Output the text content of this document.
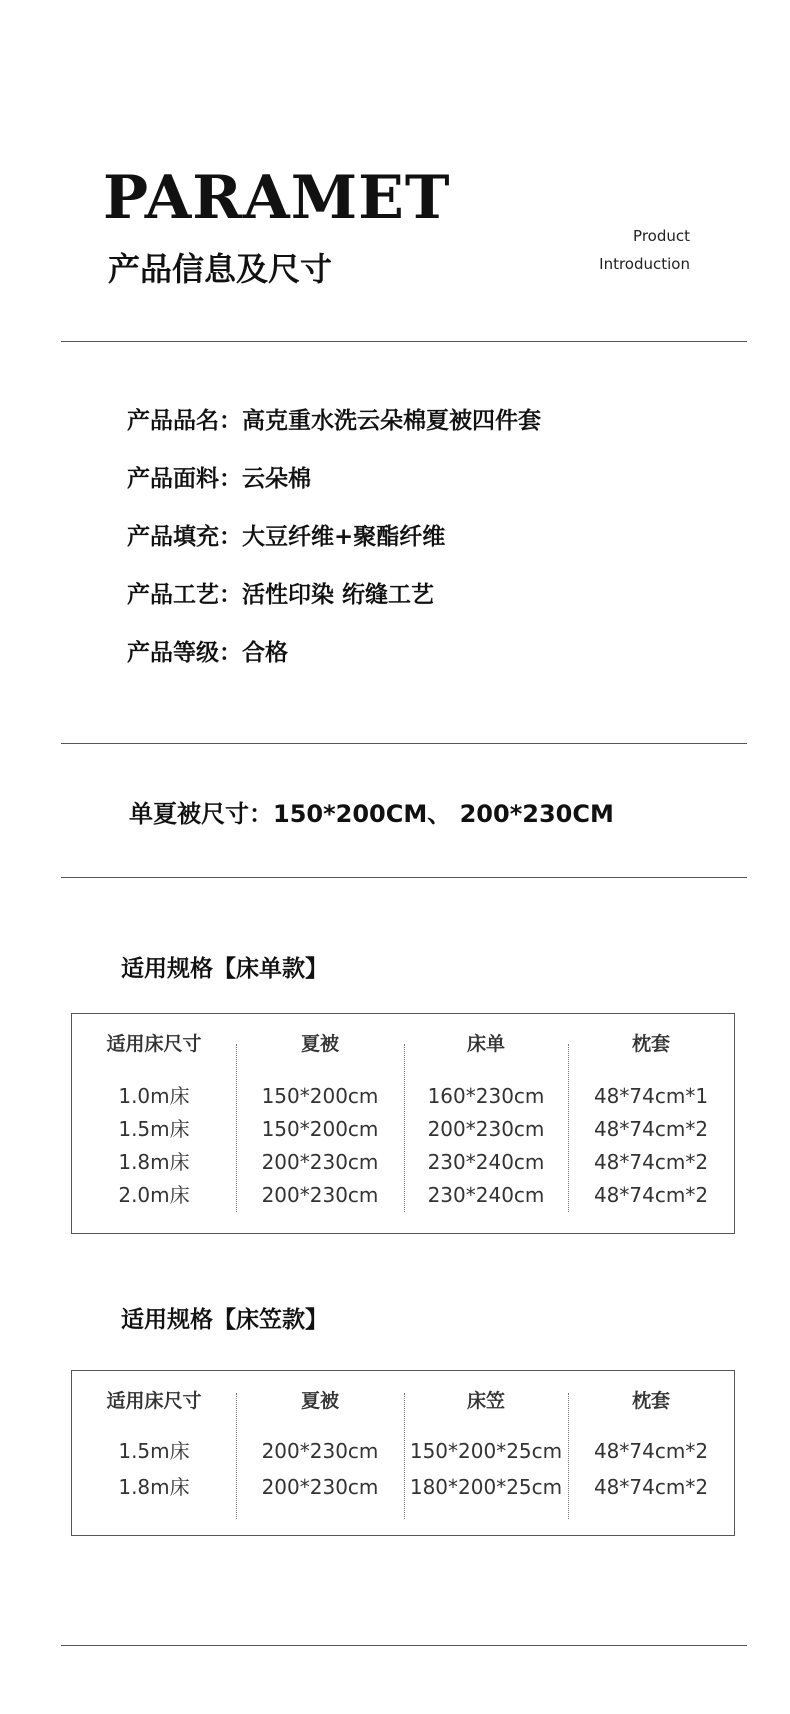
PARAMET
产品信息及尺寸
Product
Introduction
产品品名：高克重水洗云朵棉夏被四件套
产品面料：云朵棉
产品填充：大豆纤维+聚酯纤维
产品工艺：活性印染 绗缝工艺
产品等级：合格
单夏被尺寸：150*200CM、 200*230CM
适用规格【床单款】
适用床尺寸	夏被	床单	枕套
1.0m床	150*200cm	160*230cm	48*74cm*1
1.5m床	150*200cm	200*230cm	48*74cm*2
1.8m床	200*230cm	230*240cm	48*74cm*2
2.0m床	200*230cm	230*240cm	48*74cm*2
适用规格【床笠款】
适用床尺寸	夏被	床笠	枕套
1.5m床	200*230cm	150*200*25cm	48*74cm*2
1.8m床	200*230cm	180*200*25cm	48*74cm*2
